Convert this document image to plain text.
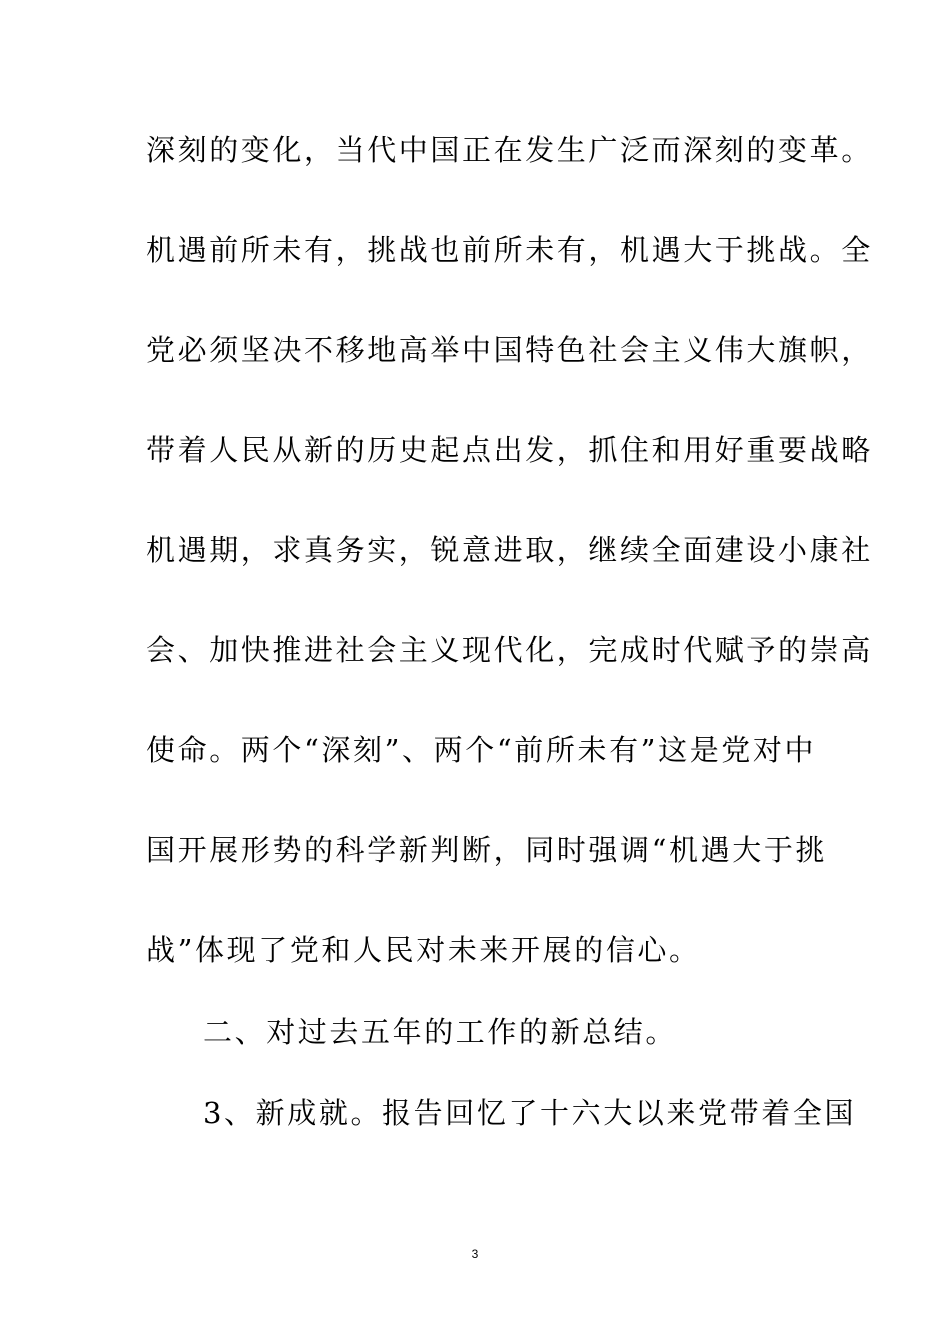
深刻的变化，当代中国正在发生广泛而深刻的变革。
机遇前所未有，挑战也前所未有，机遇大于挑战。全
党必须坚决不移地高举中国特色社会主义伟大旗帜，
带着人民从新的历史起点出发，抓住和用好重要战略
机遇期，求真务实，锐意进取，继续全面建设小康社
会、加快推进社会主义现代化，完成时代赋予的崇高
使命。两个“深刻”、两个“前所未有”这是党对中
国开展形势的科学新判断，同时强调“机遇大于挑
战”体现了党和人民对未来开展的信心。
二、对过去五年的工作的新总结。
3、新成就。报告回忆了十六大以来党带着全国
3
